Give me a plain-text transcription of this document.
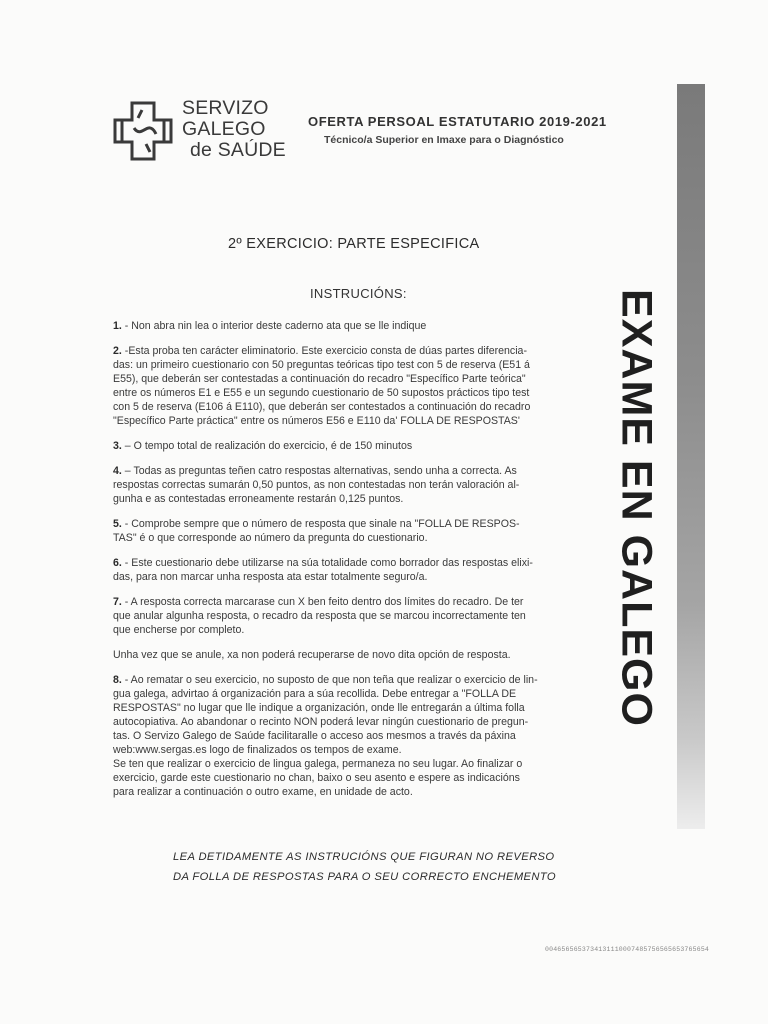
SERVIZO
GALEGO
de SAÚDE
OFERTA PERSOAL ESTATUTARIO 2019-2021
Técnico/a Superior en Imaxe para o Diagnóstico
2º EXERCICIO: PARTE ESPECIFICA
INSTRUCIÓNS:
1. - Non abra nin lea o interior deste caderno ata que se lle indique
2. -Esta proba ten carácter eliminatorio. Este exercicio consta de dúas partes diferencia-
das: un primeiro cuestionario con 50 preguntas teóricas tipo test con 5 de reserva (E51 á
E55), que deberán ser contestadas a continuación do recadro "Específico Parte teórica"
entre os números E1 e E55 e un segundo cuestionario de 50 supostos prácticos tipo test
con 5 de reserva (E106 á E110), que deberán ser contestados a continuación do recadro
"Específico Parte práctica" entre os números E56 e E110 da' FOLLA DE RESPOSTAS'
3. – O tempo total de realización do exercicio, é de 150 minutos
4. – Todas as preguntas teñen catro respostas alternativas, sendo unha a correcta. As
respostas correctas sumarán 0,50 puntos, as non contestadas non terán valoración al-
gunha e as contestadas erroneamente restarán 0,125 puntos.
5. - Comprobe sempre que o número de resposta que sinale na "FOLLA DE RESPOS-
TAS" é o que corresponde ao número da pregunta do cuestionario.
6. - Este cuestionario debe utilizarse na súa totalidade como borrador das respostas elixi-
das, para non marcar unha resposta ata estar totalmente seguro/a.
7. - A resposta correcta marcarase cun X ben feito dentro dos límites do recadro. De ter
que anular algunha resposta, o recadro da resposta que se marcou incorrectamente ten
que encherse por completo.
Unha vez que se anule, xa non poderá recuperarse de novo dita opción de resposta.
8. - Ao rematar o seu exercicio, no suposto de que non teña que realizar o exercicio de lin-
gua galega, advirtao á organización para a súa recollida. Debe entregar a "FOLLA DE
RESPOSTAS" no lugar que lle indique a organización, onde lle entregarán a última folla
autocopiativa. Ao abandonar o recinto NON poderá levar ningún cuestionario de pregun-
tas. O Servizo Galego de Saúde facilitaralle o acceso aos mesmos a través da páxina
web:www.sergas.es logo de finalizados os tempos de exame.
Se ten que realizar o exercicio de lingua galega, permaneza no seu lugar. Ao finalizar o
exercicio, garde este cuestionario no chan, baixo o seu asento e espere as indicacións
para realizar a continuación o outro exame, en unidade de acto.
LEA DETIDAMENTE AS INSTRUCIÓNS QUE FIGURAN NO REVERSO
DA FOLLA DE RESPOSTAS PARA O SEU CORRECTO ENCHEMENTO
EXAME EN GALEGO
0046565653734131110007485756565653765654
